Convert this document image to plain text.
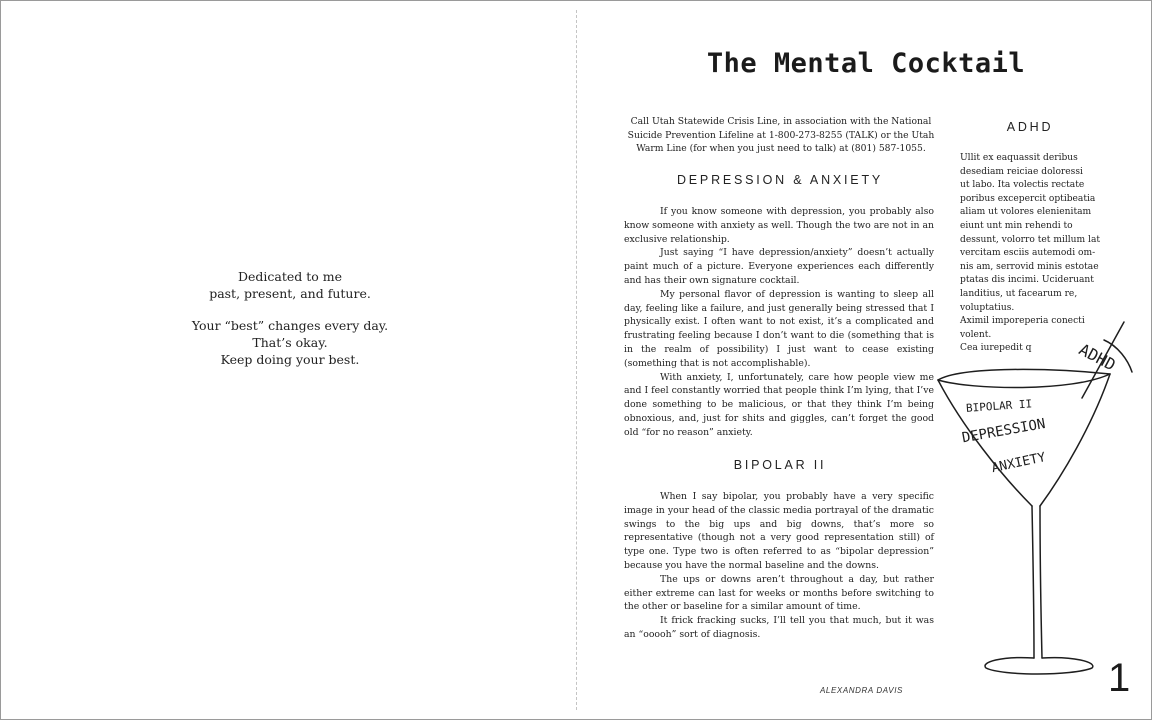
Dedicated to me

past, present, and future.

Your “best” changes every day.

That’s okay.

Keep doing your best.

The Mental Cocktail
Call Utah Statewide Crisis Line, in association with the National Suicide Prevention Lifeline at 1-800-273-8255 (TALK) or the Utah Warm Line (for when you just need to talk) at (801) 587-1055.
DEPRESSION & ANXIETY

If you know someone with depression, you probably also know someone with anxiety as well. Though the two are not in an exclusive relationship.

Just saying “I have depression/anxiety” doesn’t actually paint much of a picture. Everyone experiences each differently and has their own signature cocktail.

My personal flavor of depression is wanting to sleep all day, feeling like a failure, and just generally being stressed that I physically exist. I often want to not exist, it’s a complicated and frustrating feeling because I don’t want to die (something that is in the realm of possibility) I just want to cease existing (something that is not accomplishable).

With anxiety, I, unfortunately, care how people view me and I feel constantly worried that people think I’m lying, that I’ve done something to be malicious, or that they think I’m being obnoxious, and, just for shits and giggles, can’t forget the good old “for no reason” anxiety.

BIPOLAR II

When I say bipolar, you probably have a very specific image in your head of the classic media portrayal of the dramatic swings to the big ups and big downs, that’s more so representative (though not a very good representation still) of type one. Type two is often referred to as “bipolar depression” because you have the normal baseline and the downs.

The ups or downs aren’t throughout a day, but rather either extreme can last for weeks or months before switching to the other or baseline for a similar amount of time.

It frick fracking sucks, I’ll tell you that much, but it was an “ooooh” sort of diagnosis.

ADHD

Ullit ex eaquassit deribus

desediam reiciae doloressi

ut labo. Ita volectis rectate

poribus excepercit optibeatia

aliam ut volores elenienitam

eiunt unt min rehendi to

dessunt, volorro tet millum lat

vercitam esciis autemodi om-

nis am, serrovid minis estotae

ptatas dis incimi. Ucideruant

landitius, ut facearum re,

voluptatius.

Aximil imporeperia conecti

volent.

Cea iurepedit q	ADHD
BIPOLAR II
DEPRESSION
ANXIETY
ALEXANDRA DAVIS	1
